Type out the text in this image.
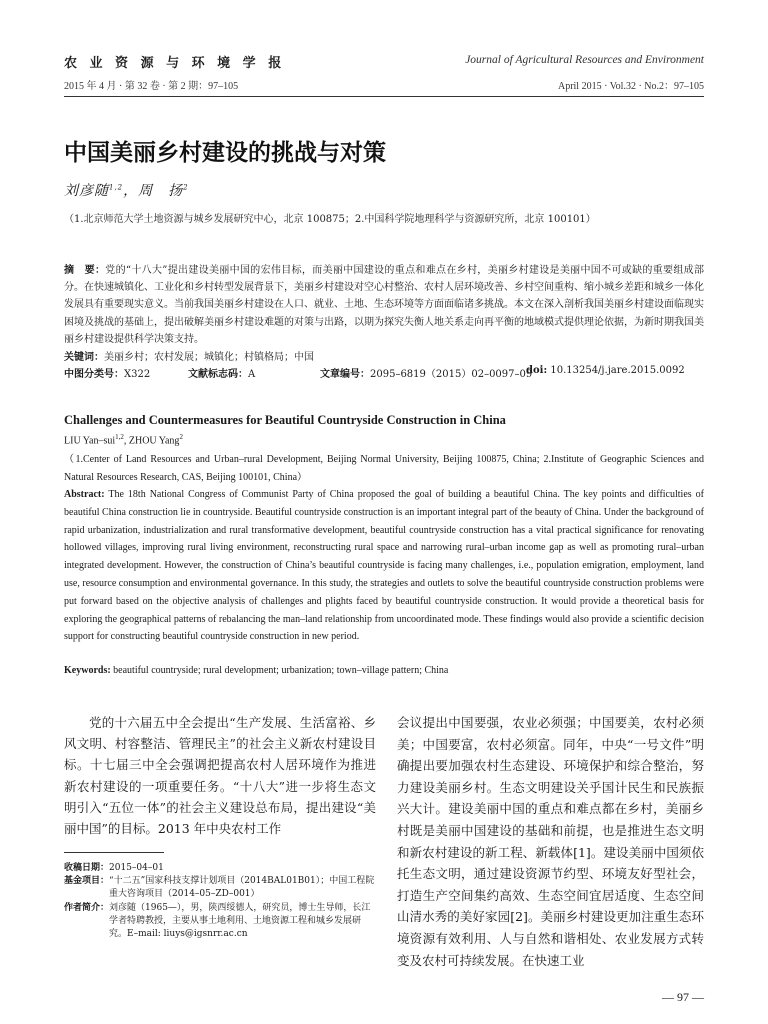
农 业 资 源 与 环 境 学 报	Journal of Agricultural Resources and Environment
2015 年 4 月 · 第 32 卷 · 第 2 期：97–105	April 2015 · Vol.32 · No.2：97–105
中国美丽乡村建设的挑战与对策
刘彦随$^{1,2}$，周　扬$^2$
（1.北京师范大学土地资源与城乡发展研究中心，北京 100875；2.中国科学院地理科学与资源研究所，北京 100101）
摘　要：党的“十八大”提出建设美丽中国的宏伟目标，而美丽中国建设的重点和难点在乡村，美丽乡村建设是美丽中国不可或缺的重要组成部分。在快速城镇化、工业化和乡村转型发展背景下，美丽乡村建设对空心村整治、农村人居环境改善、乡村空间重构、缩小城乡差距和城乡一体化发展具有重要现实意义。当前我国美丽乡村建设在人口、就业、土地、生态环境等方面面临诸多挑战。本文在深入剖析我国美丽乡村建设面临现实困境及挑战的基础上，提出破解美丽乡村建设难题的对策与出路，以期为探究失衡人地关系走向再平衡的地域模式提供理论依据，为新时期我国美丽乡村建设提供科学决策支持。
关键词：美丽乡村；农村发展；城镇化；村镇格局；中国
中图分类号：X322	文献标志码：A	文章编号：2095–6819（2015）02–0097–09
doi: 10.13254/j.jare.2015.0092
Challenges and Countermeasures for Beautiful Countryside Construction in China
LIU Yan–sui$^{1,2}$, ZHOU Yang$^2$
（1.Center of Land Resources and Urban–rural Development, Beijing Normal University, Beijing 100875, China; 2.Institute of Geographic Sciences and Natural Resources Research, CAS, Beijing 100101, China）
Abstract: The 18th National Congress of Communist Party of China proposed the goal of building a beautiful China. The key points and difficulties of beautiful China construction lie in countryside. Beautiful countryside construction is an important integral part of the beauty of China. Under the background of rapid urbanization, industrialization and rural transformative development, beautiful countryside construction has a vital practical significance for renovating hollowed villages, improving rural living environment, reconstructing rural space and narrowing rural–urban income gap as well as promoting rural–urban integrated development. However, the construction of China’s beautiful countryside is facing many challenges, i.e., population emigration, employment, land use, resource consumption and environmental governance. In this study, the strategies and outlets to solve the beautiful countryside construction problems were put forward based on the objective analysis of challenges and plights faced by beautiful countryside construction. It would provide a theoretical basis for exploring the geographical patterns of rebalancing the man–land relationship from uncoordinated mode. These findings would also provide a scientific decision support for constructing beautiful countryside construction in new period.
Keywords: beautiful countryside; rural development; urbanization; town–village pattern; China
党的十六届五中全会提出“生产发展、生活富裕、乡风文明、村容整洁、管理民主”的社会主义新农村建设目标。十七届三中全会强调把提高农村人居环境作为推进新农村建设的一项重要任务。“十八大”进一步将生态文明引入“五位一体”的社会主义建设总布局，提出建设“美丽中国”的目标。2013 年中央农村工作
会议提出中国要强，农业必须强；中国要美，农村必须美；中国要富，农村必须富。同年，中央“一号文件”明确提出要加强农村生态建设、环境保护和综合整治，努力建设美丽乡村。生态文明建设关乎国计民生和民族振兴大计。建设美丽中国的重点和难点都在乡村，美丽乡村既是美丽中国建设的基础和前提，也是推进生态文明和新农村建设的新工程、新载体[1]。建设美丽中国须依托生态文明，通过建设资源节约型、环境友好型社会，打造生产空间集约高效、生态空间宜居适度、生态空间山清水秀的美好家园[2]。美丽乡村建设更加注重生态环境资源有效利用、人与自然和谐相处、农业发展方式转变及农村可持续发展。在快速工业
收稿日期： 2015–04–01
基金项目： “十二五”国家科技支撑计划项目（2014BAL01B01）；中国工程院重大咨询项目（2014–05–ZD–001）
作者简介： 刘彦随（1965—），男，陕西绥德人，研究员，博士生导师，长江学者特聘教授，主要从事土地利用、土地资源工程和城乡发展研究。E–mail: liuys@igsnrr.ac.cn
— 97 —
